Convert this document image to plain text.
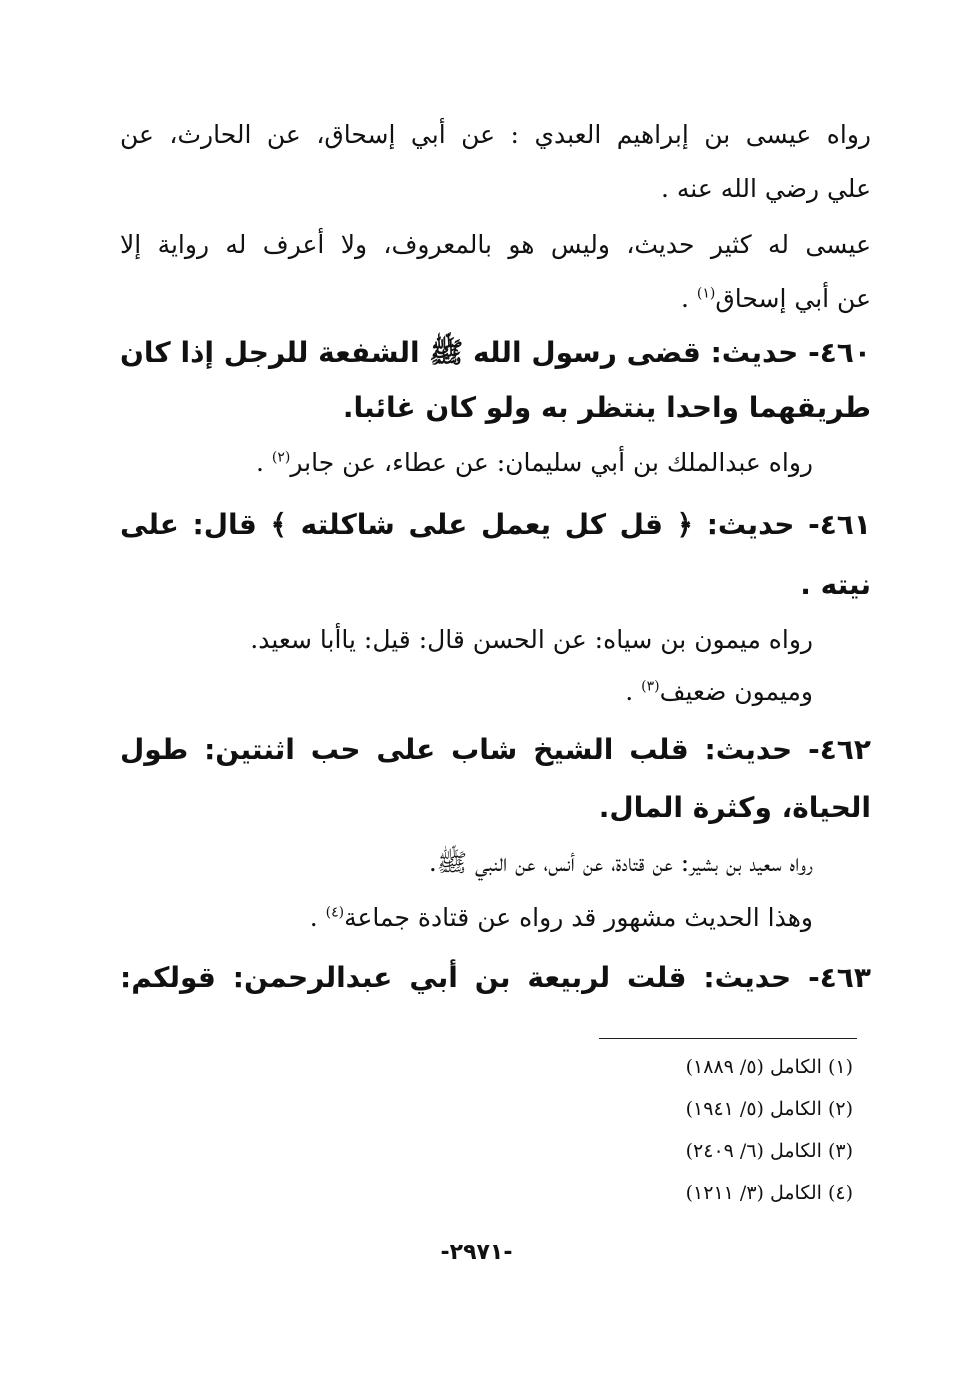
رواه عيسى بن إبراهيم العبدي : عن أبي إسحاق، عن الحارث، عن
علي رضي الله عنه .
عيسى له كثير حديث، وليس هو بالمعروف، ولا أعرف له رواية إلا
عن أبي إسحاق$^{(١)}$ .
٤٦٠- حديث: قضى رسول الله ﷺ الشفعة للرجل إذا كان
طريقهما واحدا ينتظر به ولو كان غائبا.
رواه عبدالملك بن أبي سليمان: عن عطاء، عن جابر$^{(٢)}$ .
٤٦١- حديث: ﴿ قل كل يعمل على شاكلته ﴾ قال: على
نيته .
رواه ميمون بن سياه: عن الحسن قال: قيل: ياأبا سعيد.
وميمون ضعيف$^{(٣)}$ .
٤٦٢- حديث: قلب الشيخ شاب على حب اثنتين: طول
الحياة، وكثرة المال.
رواه سعيد بن بشير: عن قتادة، عن أنس، عن النبي ﷺ.
وهذا الحديث مشهور قد رواه عن قتادة جماعة$^{(٤)}$ .
٤٦٣- حديث: قلت لربيعة بن أبي عبدالرحمن: قولكم:
(١) الكامل (٥/ ١٨٨٩)
(٢) الكامل (٥/ ١٩٤١)
(٣) الكامل (٦/ ٢٤٠٩)
(٤) الكامل (٣/ ١٢١١)
-٢٩٧١-
